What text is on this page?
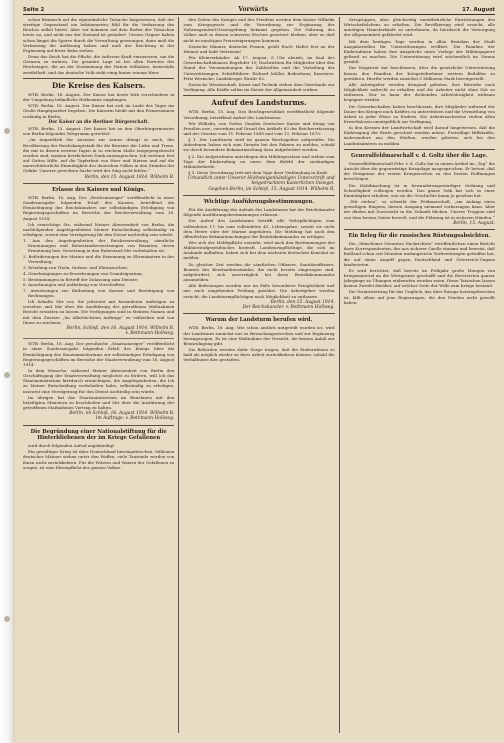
Seite 2	Vorwärts	17. August

schon Bismarck auf die eigentümliche Tatsache hingewiesen, daß der streitige Gegenstand ein bekümmertes Bild für die Verfassung des Reiches selbst bietet. Aber wir kommen auf dem Boden der Tatsachen heute an, und nicht nur der Zustand ist geändert. Unsere Gegner haben schon längst die Sperre durch die Verwaltung gezwungen, dann muß die Verfassung die Auflösung haben und muß der Reichstag in der Ergänzung auf freier Bahn stehen.

Denn das Reich hat die Pflicht, die äußerste Kraft einzusetzen, um die Grenzen zu wahren. Die gesamte Lage ist bei allen Parteien des Reichstages, die an der Zustimmung der Nation teilhaben, keinesfalls zweifelhaft, und das deutsche Volk steht einig hinter seinem Heer.

Die Kreise des Kaisers.

WTB. Berlin, 16. August. Der Kaiser hat heute früh verschiedene in der Umgebung befindliche Hofbeamte empfangen.

WTB. Berlin, 16. August. Der Kaiser hat sich im Laufe des Tages ins Große Hauptquartier begeben. Die Kaiserin bleibt mit den Prinzessinnen vorläufig in Berlin.

Der Kaiser an die Berliner Bürgerschaft.

WTB. Berlin, 15. August. Der Kaiser hat an den Oberbürgermeister von Berlin folgendes Telegramm gerichtet:

„Im Augenblick der Ausreise zur Armee drängt es mich, der Bevölkerung der Reichshauptstadt für die Beweise der Liebe und Treue, die mir in diesen ernsten Tagen in so reichem Maße entgegengebracht worden sind, meinen herzlichsten Dank auszusprechen. Ich vertraue fest auf Gottes Hilfe, auf die Tapferkeit von Heer und Marine und auf die unerschütterliche Einmütigkeit des deutschen Volkes in den Stunden der Gefahr. Unserer gerechten Sache wird der Sieg nicht fehlen.“

Berlin, den 15. August 1914. Wilhelm R.
Erlasse des Kaisers und Königs.

WTB. Berlin, 16. Aug. Der „Reichsanzeiger“ veröffentlicht in einer Sonderausgabe folgenden Erlaß des Kaisers, betreffend die Ermächtigung des Reichskanzlers zur selbständigen Erledigung von Regierungsgeschäften im Bereiche der Reichsverwaltung vom 16. August 1914:

Ich ermächtige Sie, während Meiner Abwesenheit von Berlin, die nachfolgenden Angelegenheiten Meiner Entscheidung selbständig zu erledigen, soweit eine Verzögerung für den Dienst nachteilig sein würde:

1. Aus den Angelegenheiten der Reichsverwaltung, sämtliche Ernennungen und Ruhestandsversetzungen von Beamten, deren Ernennung bzw. Versetzung in den Ruhestand Mir vorbehalten ist;
2. Beförderungen der Marine und die Ernennung zu Ehrenämtern in der Verwaltung;
3. Erteilung von Titeln, Ordens- und Ehrenzeichen;
4. Genehmigungen zu Erwerbsungen von Grundeigentum;
5. Bestimmungen in Betreff der Zulassung zum Dienste;
6. Anordnungen und Aufhebung von Vorschriften;
7. Anweisungen zur Entlastung von Kassen und Bestätigung von Rechnungen.

Ich behalte Mir vor, Sie jederzeit mit besonderen Aufträgen zu versehen und Mir über die Ausführung der getroffenen Maßnahmen Bericht erstatten zu lassen. Die Verfügungen sind in Meinem Namen und mit dem Zusatze „Im Allerhöchsten Auftrage“ zu vollziehen und von Ihnen zu zeichnen.

Berlin, Schloß, den 16. August 1914. Wilhelm R.
v. Bethmann Hollweg.

WTB. Berlin, 16. Aug. Der preußische „Staatsanzeiger“ veröffentlicht in einer Sonderausgabe folgenden Erlaß des Königs über die Ermächtigung des Staatsministeriums zur selbständigen Erledigung von Regierungsgeschäften im Bereiche der Staatsverwaltung vom 16. August 1914:

In dem Wunsche, während Meiner Abwesenheit von Berlin den Geschäftsgang der Staatsverwaltung möglichst zu fördern, will Ich das Staatsministerium hierdurch ermächtigen, die Angelegenheiten, die Ich zu Meiner Entscheidung vorbehalten habe, selbständig zu erledigen, insoweit eine Verzögerung für den Dienst nachteilig sein würde.

Im übrigen hat das Staatsministerium im Benehmen mit den beteiligten Ministern zu beschließen und Mir über die Ausführung der getroffenen Maßnahmen Vortrag zu halten.

Berlin, im Schloß, 16. August 1914. Wilhelm R.
Im Auftrage: v. Bethmann Hollweg.
Die Begründung einer Nationalstiftung für die Hinterbliebenen der im Kriege Gefallenen

wird durch folgenden Aufruf angekündigt:

Ein gewaltiger Krieg ist über Deutschland hereingebrochen. Millionen deutscher Männer stehen unter den Waffen, viele Tausende werden von ihnen nicht zurückkehren. Für die Witwen und Waisen der Gefallenen zu sorgen, ist eine Ehrenpflicht des ganzen Volkes.

den Zeiten des Krieges und des Friedens werden dem Kaiser Wilhelm zum Kriegsgesetz und die Verordnung zur Ergänzung der Nahrungsmittel-Gesetzgebung bekannt gegeben. Die Nahrung des Volkes muß in diesen schweren Wochen gesichert bleiben, aber es darf nicht zu unnötigen Preissteigerungen kommen.

Deutsche Männer, deutsche Frauen, grüßt Euch! Haltet fest an der Heimat und habt Vertrauen!

Für Kleinverkäufer: Ab 17. August, 8 Uhr abends, im Saal des Gewerkschaftshauses Engelufer 15; Nachrichten für Mitglieder über den Stand der Versammlungen der Zahlstellen und die Verteilung der Unterstützungen, Schriftführer: Richard Müller, Bodenhaus; Kassierer: Fritz Wernicke, Landsberger Straße 62.

Deutsche Wissenschaft, Kunst und Technik stehen dem Vaterlande zur Verfügung. Alle Kräfte sollen im Dienst der Allgemeinheit wirken.

Aufruf des Landsturms.

WTB. Berlin, 15. Aug. Das Reichsgesetzblatt veröffentlicht folgende Verordnung, betreffend Aufruf des Landsturms:

Wir Wilhelm, von Gottes Gnaden Deutscher Kaiser und König von Preußen usw., verordnen auf Grund des Artikels 63 der Reichsverfassung und der Gesetze vom 11. Februar 1888 und vom 12. Februar 1875:

§ 1. Der Landsturm wird im ganzen Reichsgebiet aufgerufen. Die Aufrufenen haben sich zum Dienste bei den Fahnen zu melden, sobald sie durch besondere Bekanntmachung dazu aufgefordert werden.

§ 2. Die Aufgerufenen unterliegen den Militärgesetzen und stehen vom Tage der Einberufung an unter dem Befehl der zuständigen Militärbehörde.

§ 3. Diese Verordnung tritt mit dem Tage ihrer Verkündung in Kraft.

Urkundlich unter Unserer Höchsteigenhändigen Unterschrift und beigedrucktem Kaiserlichen Insiegel.
Gegeben Berlin, im Schloß, 15. August 1914. Wilhelm R.
Wichtige Ausführungsbestimmungen.

Für die Ausführung des Aufrufs des Landsturms hat der Reichskanzler folgende Ausführungsbestimmungen erlassen:

Der Aufruf des Landsturms betrifft alle Wehrpflichtigen vom vollendeten 17. bis zum vollendeten 45. Lebensjahre, soweit sie nicht dem Heere oder der Marine angehören. Die Meldung hat nach den öffentlichen Bekanntmachungen der Bezirkskommandos zu erfolgen.

Wer sich der Meldepflicht entzieht, wird nach den Bestimmungen des Militärstrafgesetzbuches bestraft. Landsturmpflichtige, die sich im Auslande aufhalten, haben sich bei dem nächsten deutschen Konsulat zu melden.

Zu gleicher Zeit werden die sämtlichen Offiziere, Sanitätsoffiziere, Beamte des Beurlaubtenstandes, die nicht bereits eingezogen sind, aufgefordert, sich unverzüglich bei ihren Bezirkskommandos anzumelden.

Alle Befreiungen werden nur im Falle besonderer Dringlichkeit und nur nach eingehender Prüfung gewährt. Die Arbeitgeber werden ersucht, die Landsturmpflichtigen nach Möglichkeit zu entlassen.

Berlin, den 15. August 1914.
Der Reichskanzler. v. Bethmann Hollweg.
Warum der Landsturm berufen wird.

WTB. Berlin, 16. Aug. Wie schon amtlich mitgeteilt worden ist, wird der Landsturm zunächst nur zu Bewachungszwecken und zur Ergänzung herangezogen. Es ist eine Maßnahme der Vorsicht, die keinen Anlaß zur Beunruhigung gibt.

Die Behörden werden dafür Sorge tragen, daß die Einberufenen so bald als möglich wieder zu ihrer Arbeit zurückkehren können, sobald die Verhältnisse dies gestatten.

Ortsgruppen, aber gleichzeitig unentbehrliche Einrichtungen des Wirtschaftslebens zu erhalten. Die Bevölkerung wird ersucht, alle unnötigen Hamsterkäufe zu unterlassen, da hierdurch die Versorgung der Allgemeinheit gefährdet wird.

Mit dem heutigen Tage werden in allen Bezirken der Stadt Ausgabestellen für Unterstützungen eröffnet. Die Familien der Einberufenen haben ihre Ansprüche unter Vorlage der Militärpapiere geltend zu machen. Die Unterstützung wird wöchentlich im Voraus gezahlt.

Der Magistrat hat beschlossen, über die gesetzliche Unterstützung hinaus den Familien der Kriegsteilnehmer weitere Beihilfen zu gewähren. Hierfür werden zunächst 5 Millionen Mark bereitgestellt.

Alle Arbeitgeber werden dringend gebeten, ihre Betriebe nach Möglichkeit aufrecht zu erhalten und die Arbeiter nicht ohne Not zu entlassen. Nur so kann der drohenden Arbeitslosigkeit wirksam begegnet werden.

Die Gewerkschaften haben beschlossen, ihre Mitglieder während der Dauer des Krieges nach Kräften zu unterstützen und die Vermittlung von Arbeit in jeder Weise zu fördern. Die Arbeitsnachweise stehen allen Erwerbslosen unentgeltlich zur Verfügung.

In den Kreisen der Landwirtschaft wird darauf hingewiesen, daß die Einbringung der Ernte gesichert werden müsse. Freiwillige Hilfskräfte, insbesondere aus den Städten, werden gebeten, sich bei den Landratsämtern zu melden.

Generalfeldmarschall v. d. Goltz über die Lage.

Generalfeldmarschall Frhr. v. d. Goltz hat in einem Artikel im „Tag“ die Ansicht über die gegenwärtige Kriegslage ausgesprochen. Er betont, daß die Ereignisse der ersten Kriegswochen zu den besten Hoffnungen berechtigen.

Die Mobilmachung ist in bewunderungswürdiger Ordnung und Schnelligkeit vollzogen worden. Das ganze Volk hat sich in einer Einmütigkeit erhoben, wie sie die Geschichte kaum je gesehen hat.

„Wir stehen“, so schreibt der Feldmarschall, „am Anfang eines gewaltigen Ringens, dessen Ausgang niemand vorhersagen kann. Aber wir dürfen mit Zuversicht in die Zukunft blicken. Unsere Truppen sind von dem besten Geiste beseelt, und die Führung ist in sicheren Händen.“

Berlin, 15. August.
Ein Beleg für die russischen Rüstungsabsichten.

Die „Münchener Neuesten Nachrichten“ veröffentlichen einen Bericht ihres Korrespondenten, der aus sicherer Quelle stammt und beweist, daß Rußland schon seit Monaten umfangreiche Vorbereitungen getroffen hat, die auf einen Angriff gegen Deutschland und Österreich-Ungarn hindeuteten.

Es wird berichtet, daß bereits im Frühjahr große Mengen von Kriegsmaterial an die Westgrenze geschafft und die Reservisten ganzer Jahrgänge zu Übungen einberufen worden seien. Diese Tatsachen lassen keinen Zweifel darüber, auf welcher Seite der Wille zum Kriege bestand.

Die Verantwortung für das Unglück, das über Europa hereingebrochen ist, fällt allein auf jene Regierungen, die den Frieden nicht gewollt haben.
